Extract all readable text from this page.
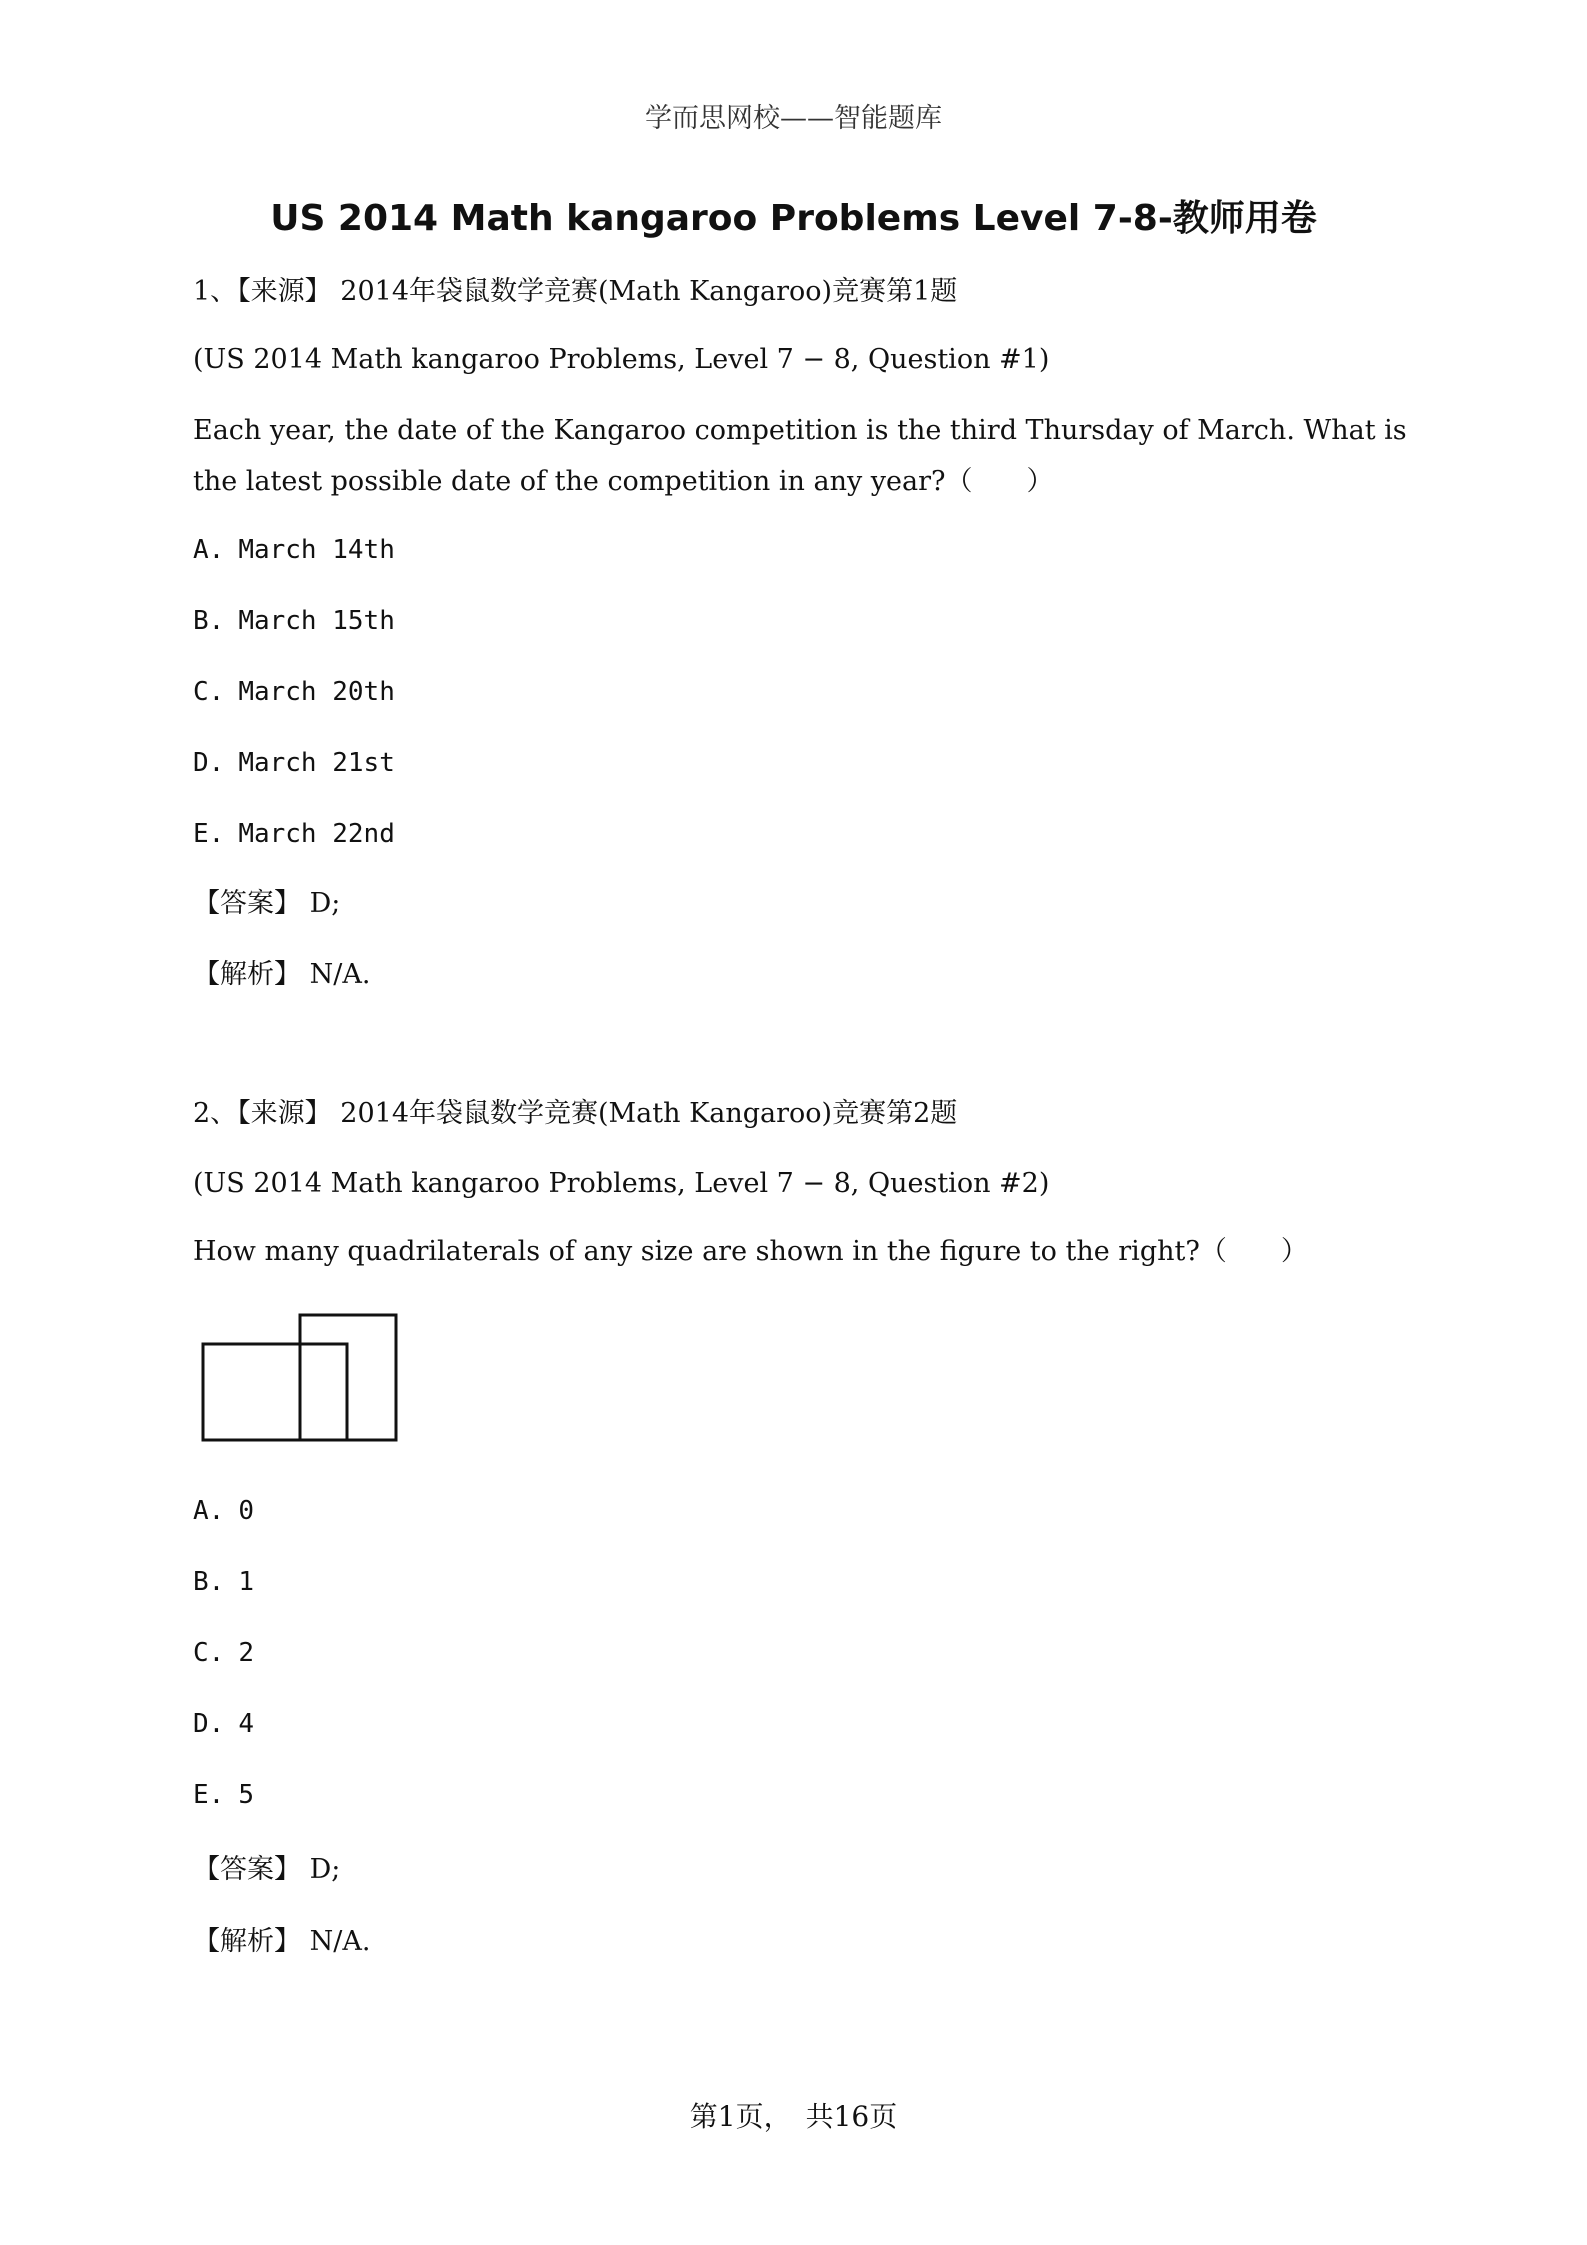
学而思网校——智能题库
US 2014 Math kangaroo Problems Level 7-8-教师用卷
1、【来源】 2014年袋鼠数学竞赛(Math Kangaroo)竞赛第1题
(US 2014 Math kangaroo Problems, Level 7 − 8, Question #1)
Each year, the date of the Kangaroo competition is the third Thursday of March. What is the latest possible date of the competition in any year?（　　）
A. March 14th
B. March 15th
C. March 20th
D. March 21st
E. March 22nd
【答案】 D;
【解析】 N/A.
2、【来源】 2014年袋鼠数学竞赛(Math Kangaroo)竞赛第2题
(US 2014 Math kangaroo Problems, Level 7 − 8, Question #2)
How many quadrilaterals of any size are shown in the figure to the right?（　　）
A. 0
B. 1
C. 2
D. 4
E. 5
【答案】 D;
【解析】 N/A.
第1页，　共16页
